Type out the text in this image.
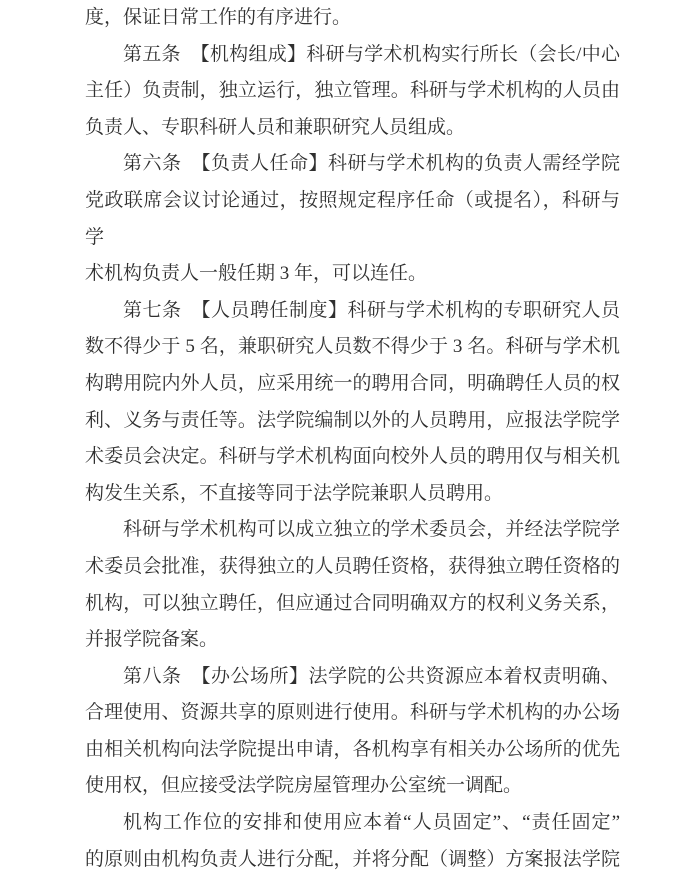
度，保证日常工作的有序进行。
第五条　【机构组成】科研与学术机构实行所长（会长/中心
主任）负责制，独立运行，独立管理。科研与学术机构的人员由
负责人、专职科研人员和兼职研究人员组成。
第六条　【负责人任命】科研与学术机构的负责人需经学院
党政联席会议讨论通过，按照规定程序任命（或提名），科研与学
术机构负责人一般任期 3 年，可以连任。
第七条　【人员聘任制度】科研与学术机构的专职研究人员
数不得少于 5 名，兼职研究人员数不得少于 3 名。科研与学术机
构聘用院内外人员，应采用统一的聘用合同，明确聘任人员的权
利、义务与责任等。法学院编制以外的人员聘用，应报法学院学
术委员会决定。科研与学术机构面向校外人员的聘用仅与相关机
构发生关系，不直接等同于法学院兼职人员聘用。
科研与学术机构可以成立独立的学术委员会，并经法学院学
术委员会批准，获得独立的人员聘任资格，获得独立聘任资格的
机构，可以独立聘任，但应通过合同明确双方的权利义务关系，
并报学院备案。
第八条　【办公场所】法学院的公共资源应本着权责明确、
合理使用、资源共享的原则进行使用。科研与学术机构的办公场
由相关机构向法学院提出申请，各机构享有相关办公场所的优先
使用权，但应接受法学院房屋管理办公室统一调配。
机构工作位的安排和使用应本着“人员固定”、“责任固定”
的原则由机构负责人进行分配，并将分配（调整）方案报法学院
